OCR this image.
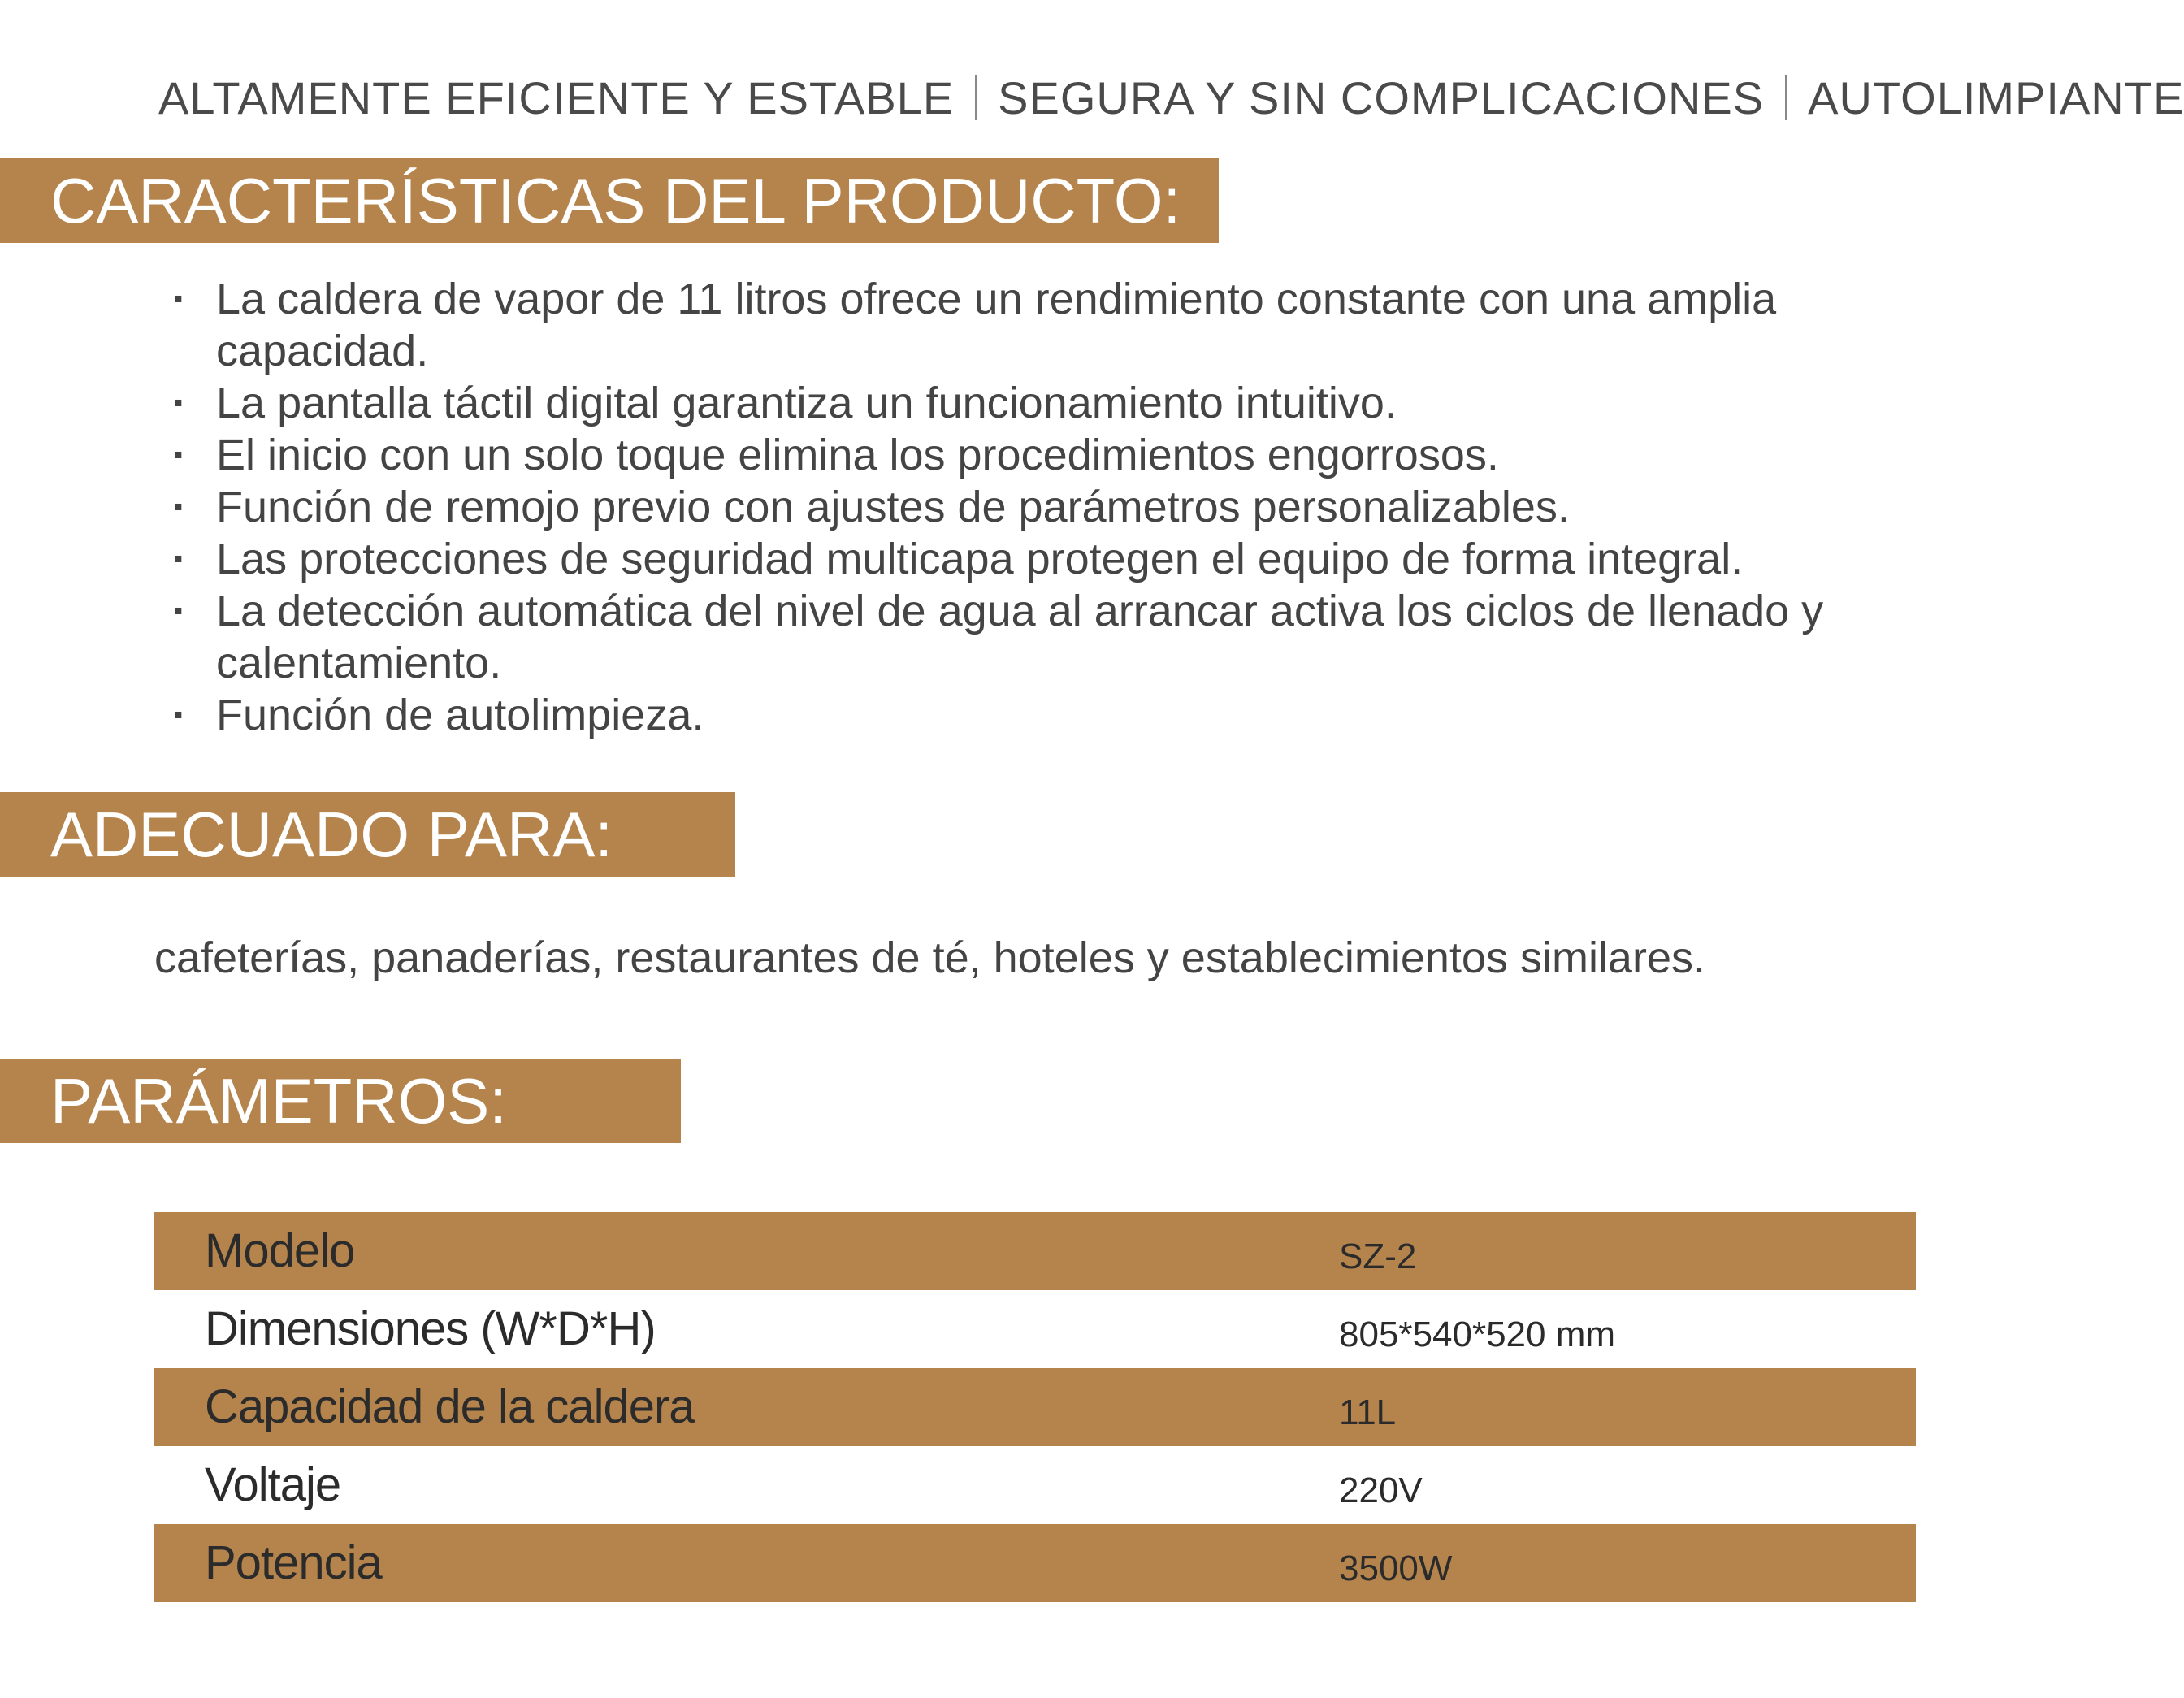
ALTAMENTE EFICIENTE Y ESTABLE SEGURA Y SIN COMPLICACIONES AUTOLIMPIANTE
CARACTERÍSTICAS DEL PRODUCTO:
· La caldera de vapor de 11 litros ofrece un rendimiento constante con una amplia capacidad.
· La pantalla táctil digital garantiza un funcionamiento intuitivo.
· El inicio con un solo toque elimina los procedimientos engorrosos.
· Función de remojo previo con ajustes de parámetros personalizables.
· Las protecciones de seguridad multicapa protegen el equipo de forma integral.
· La detección automática del nivel de agua al arrancar activa los ciclos de llenado y calentamiento.
· Función de autolimpieza.
ADECUADO PARA:
cafeterías, panaderías, restaurantes de té, hoteles y establecimientos similares.
PARÁMETROS:
Modelo	SZ-2
Dimensiones (W*D*H)	805*540*520 mm
Capacidad de la caldera	11L
Voltaje	220V
Potencia	3500W
